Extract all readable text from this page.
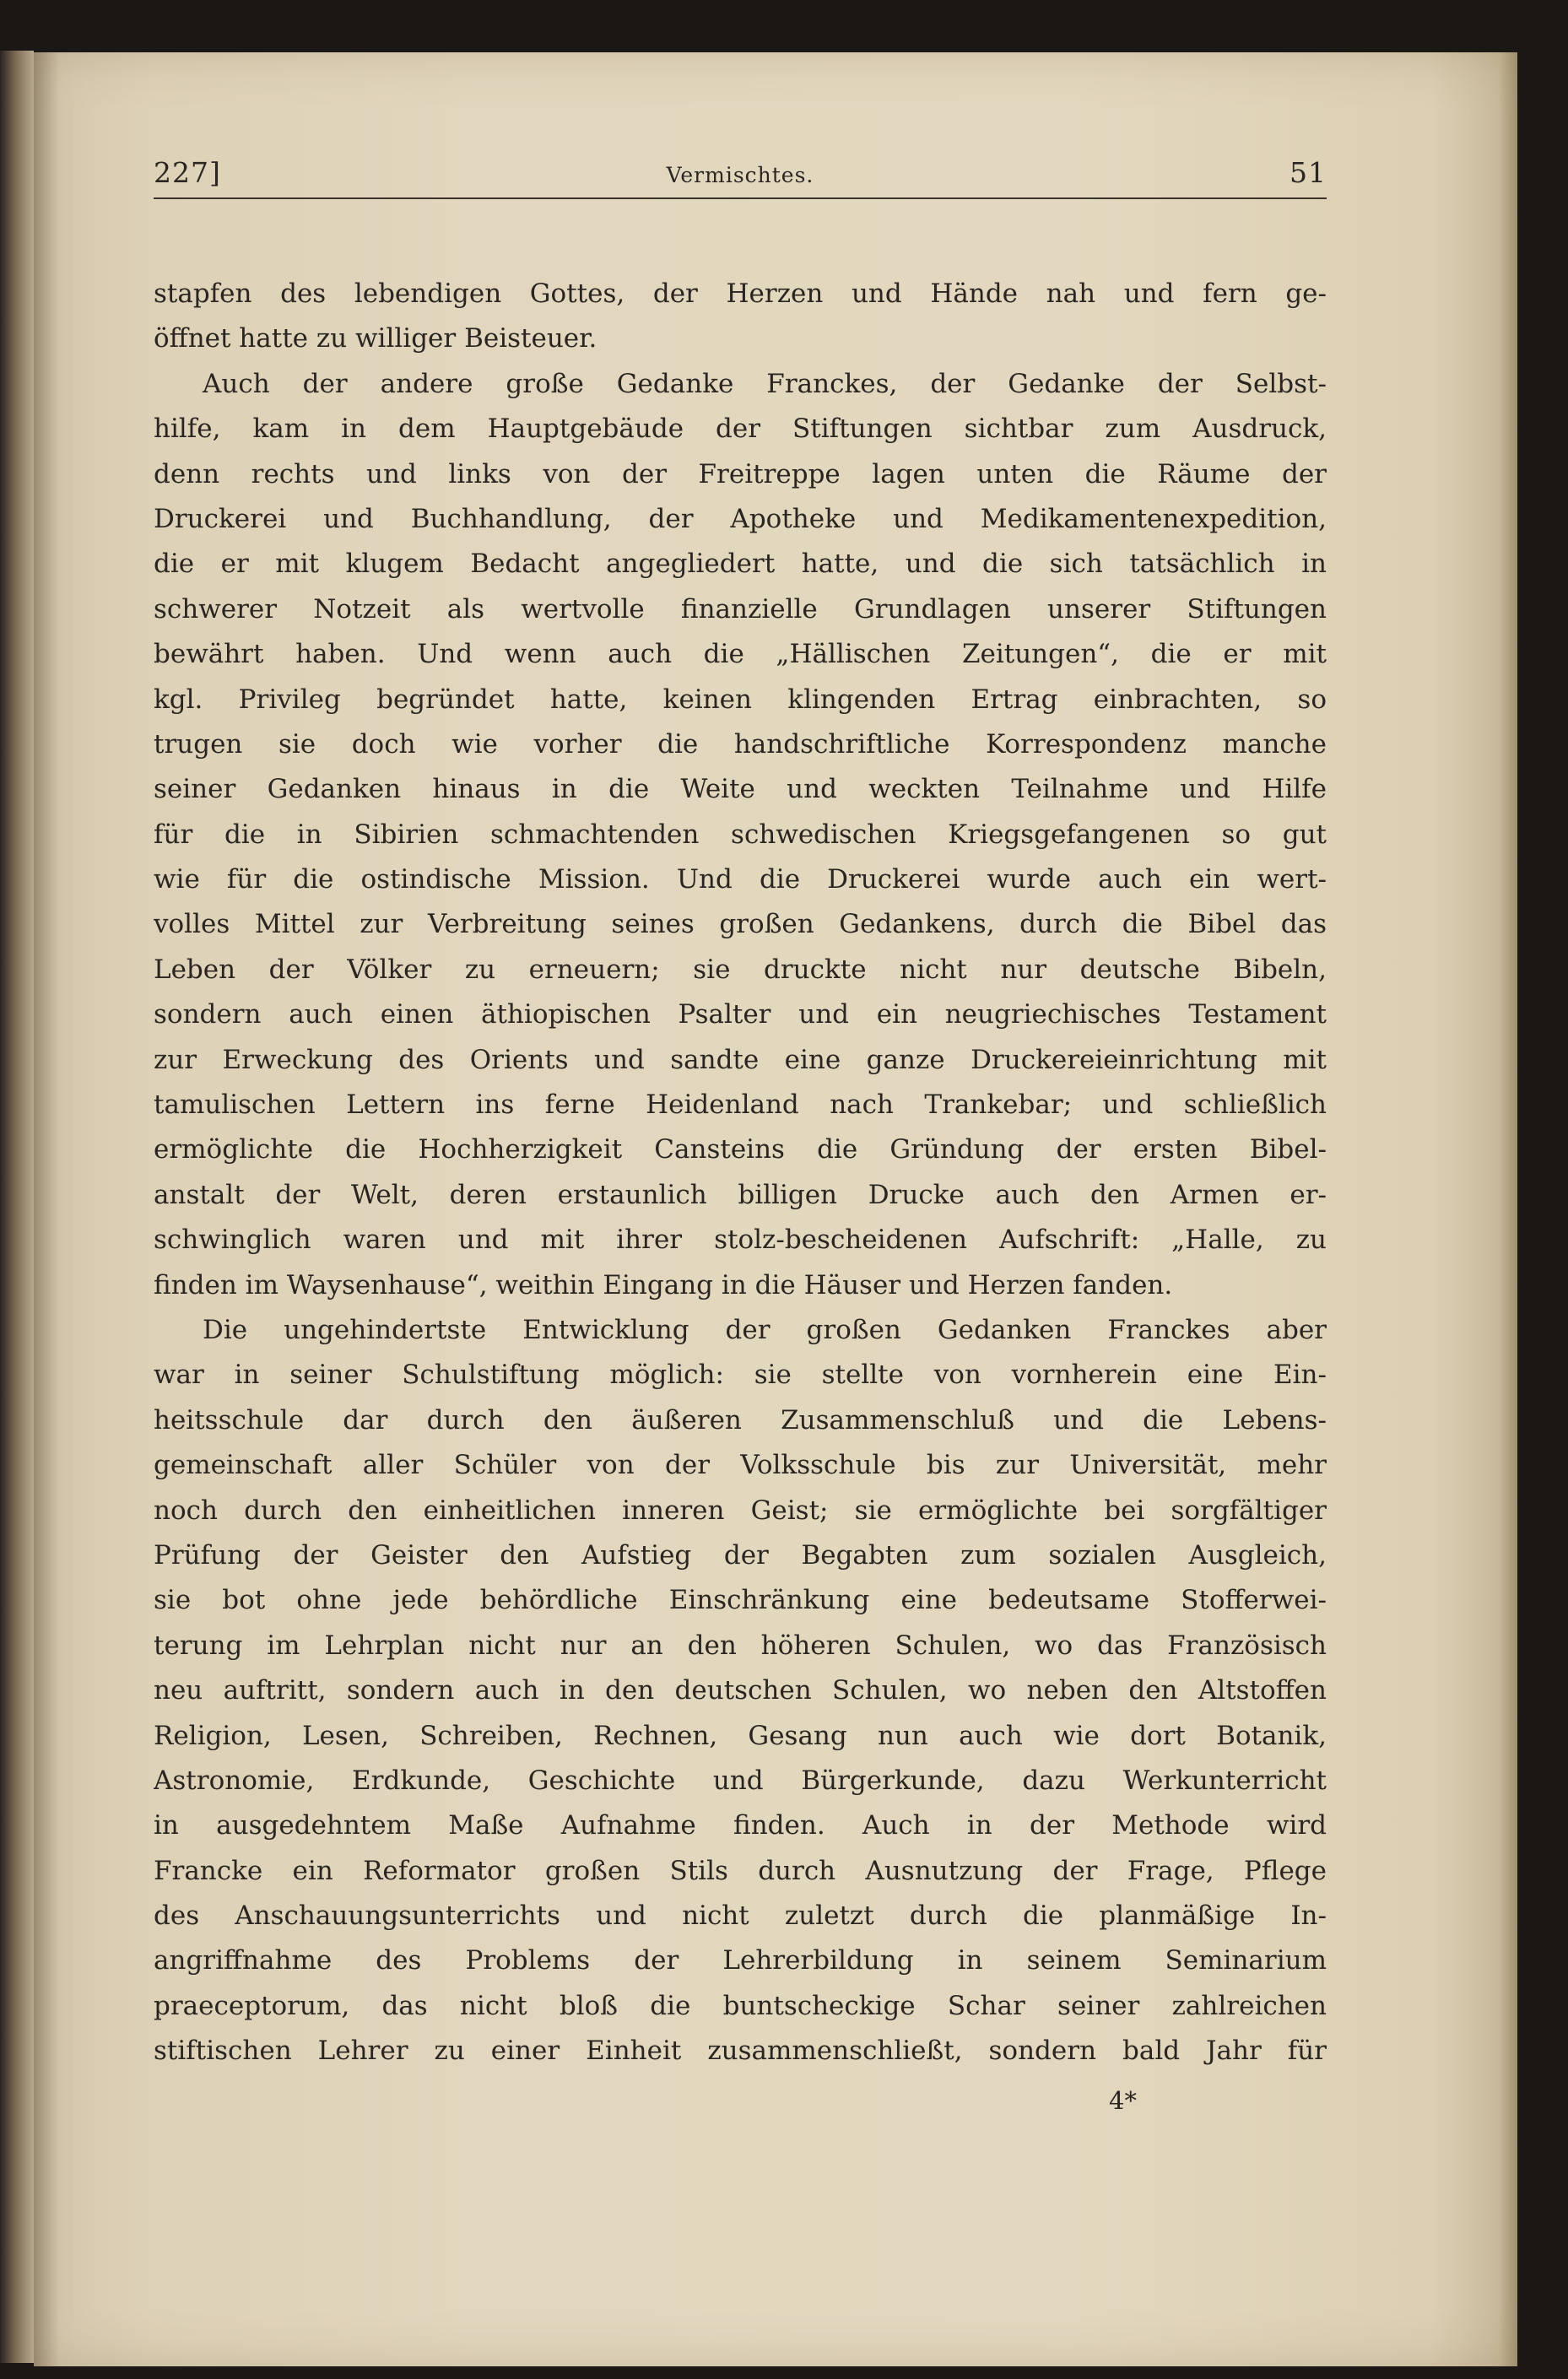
227]	Vermischtes.	51
stapfen des lebendigen Gottes, der Herzen und Hände nah und fern ge-
öffnet hatte zu williger Beisteuer.
Auch der andere große Gedanke Franckes, der Gedanke der Selbst-
hilfe, kam in dem Hauptgebäude der Stiftungen sichtbar zum Ausdruck,
denn rechts und links von der Freitreppe lagen unten die Räume der
Druckerei und Buchhandlung, der Apotheke und Medikamentenexpedition,
die er mit klugem Bedacht angegliedert hatte, und die sich tatsächlich in
schwerer Notzeit als wertvolle finanzielle Grundlagen unserer Stiftungen
bewährt haben. Und wenn auch die „Hällischen Zeitungen“, die er mit
kgl. Privileg begründet hatte, keinen klingenden Ertrag einbrachten, so
trugen sie doch wie vorher die handschriftliche Korrespondenz manche
seiner Gedanken hinaus in die Weite und weckten Teilnahme und Hilfe
für die in Sibirien schmachtenden schwedischen Kriegsgefangenen so gut
wie für die ostindische Mission. Und die Druckerei wurde auch ein wert-
volles Mittel zur Verbreitung seines großen Gedankens, durch die Bibel das
Leben der Völker zu erneuern; sie druckte nicht nur deutsche Bibeln,
sondern auch einen äthiopischen Psalter und ein neugriechisches Testament
zur Erweckung des Orients und sandte eine ganze Druckereieinrichtung mit
tamulischen Lettern ins ferne Heidenland nach Trankebar; und schließlich
ermöglichte die Hochherzigkeit Cansteins die Gründung der ersten Bibel-
anstalt der Welt, deren erstaunlich billigen Drucke auch den Armen er-
schwinglich waren und mit ihrer stolz-bescheidenen Aufschrift: „Halle, zu
finden im Waysenhause“, weithin Eingang in die Häuser und Herzen fanden.
Die ungehindertste Entwicklung der großen Gedanken Franckes aber
war in seiner Schulstiftung möglich: sie stellte von vornherein eine Ein-
heitsschule dar durch den äußeren Zusammenschluß und die Lebens-
gemeinschaft aller Schüler von der Volksschule bis zur Universität, mehr
noch durch den einheitlichen inneren Geist; sie ermöglichte bei sorgfältiger
Prüfung der Geister den Aufstieg der Begabten zum sozialen Ausgleich,
sie bot ohne jede behördliche Einschränkung eine bedeutsame Stofferwei-
terung im Lehrplan nicht nur an den höheren Schulen, wo das Französisch
neu auftritt, sondern auch in den deutschen Schulen, wo neben den Altstoffen
Religion, Lesen, Schreiben, Rechnen, Gesang nun auch wie dort Botanik,
Astronomie, Erdkunde, Geschichte und Bürgerkunde, dazu Werkunterricht
in ausgedehntem Maße Aufnahme finden. Auch in der Methode wird
Francke ein Reformator großen Stils durch Ausnutzung der Frage, Pflege
des Anschauungsunterrichts und nicht zuletzt durch die planmäßige In-
angriffnahme des Problems der Lehrerbildung in seinem Seminarium
praeceptorum, das nicht bloß die buntscheckige Schar seiner zahlreichen
stiftischen Lehrer zu einer Einheit zusammenschließt, sondern bald Jahr für
4*
